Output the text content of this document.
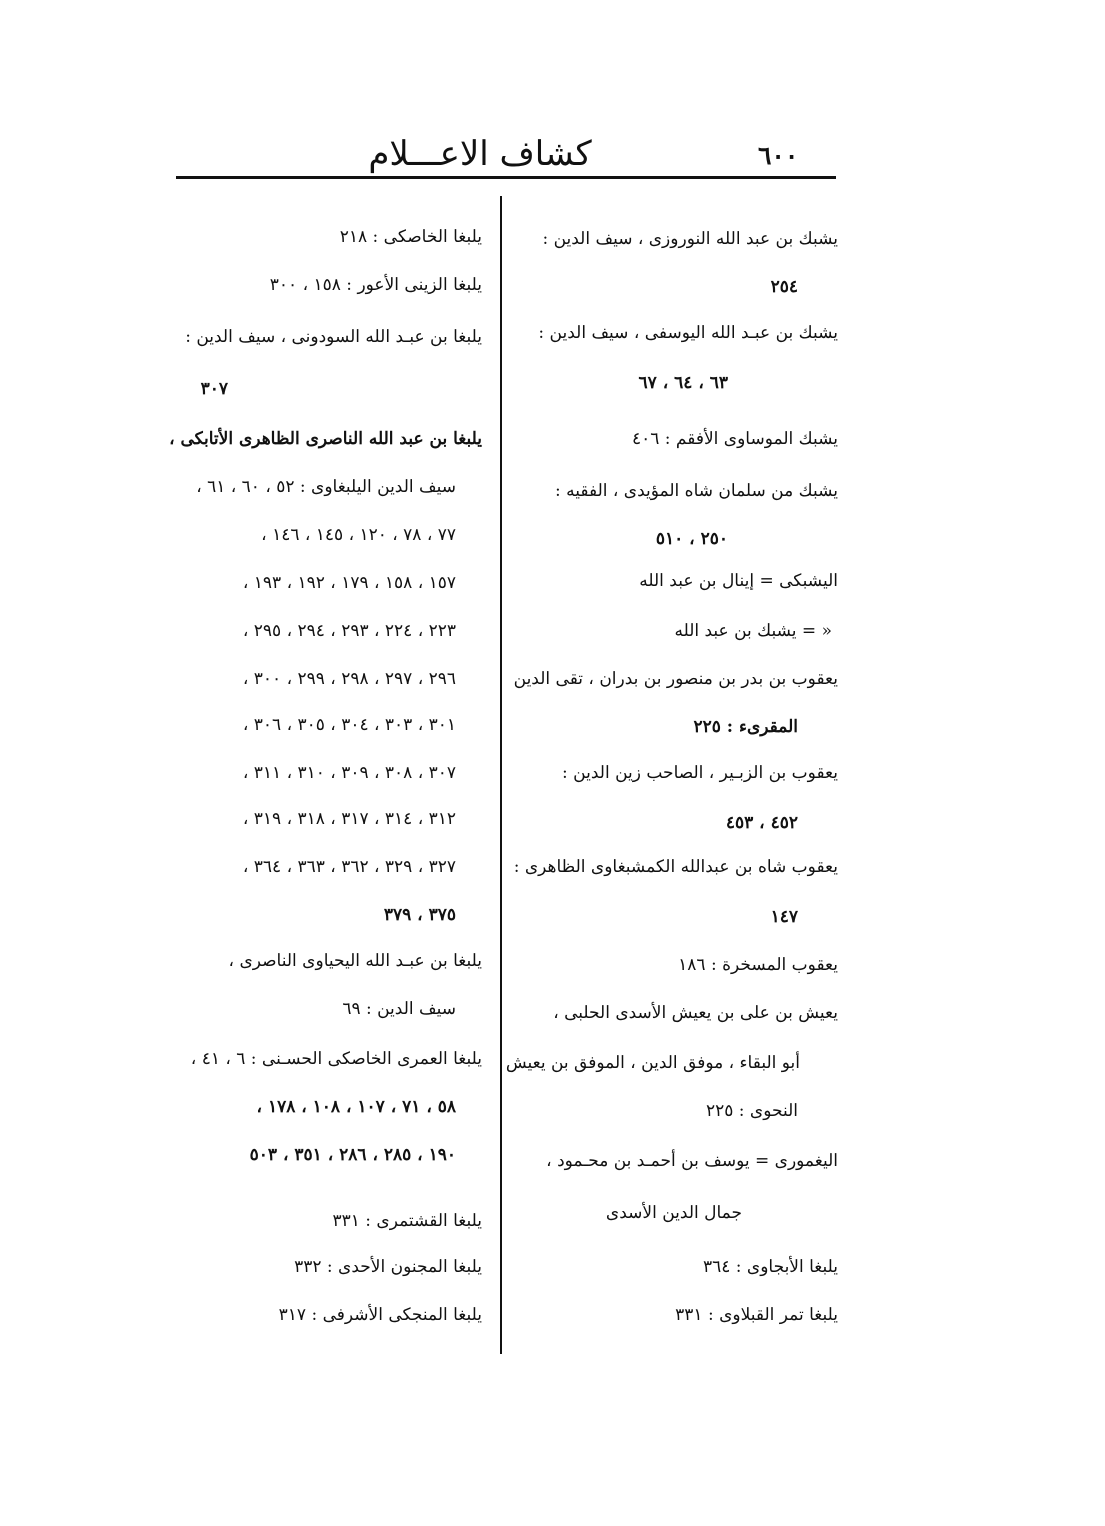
٦٠٠
كشاف الاعـــلام
يشبك بن عبد الله النوروزى ، سيف الدين :
٢٥٤
يشبك بن عبـد الله اليوسفى ، سيف الدين :
٦٣ ، ٦٤ ، ٦٧
يشبك الموساوى الأفقم : ٤٠٦
يشبك من سلمان شاه المؤيدى ، الفقيه :
٢٥٠ ، ٥١٠
اليشبكى = إينال بن عبد الله
« = يشبك بن عبد الله
يعقوب بن بدر بن منصور بن بدران ، تقى الدين
المقرىء : ٢٢٥
يعقوب بن الزبـير ، الصاحب زين الدين :
٤٥٢ ، ٤٥٣
يعقوب شاه بن عبدالله الكمشبغاوى الظاهرى :
١٤٧
يعقوب المسخرة : ١٨٦
يعيش بن على بن يعيش الأسدى الحلبى ،
أبو البقاء ، موفق الدين ، الموفق بن يعيش
النحوى : ٢٢٥
اليغمورى = يوسف بن أحمـد بن محـمود ،
جمال الدين الأسدى
يلبغا الأبجاوى : ٣٦٤
يلبغا تمر القبلاوى : ٣٣١
يلبغا الخاصكى : ٢١٨
يلبغا الزينى الأعور : ١٥٨ ، ٣٠٠
يلبغا بن عبـد الله السودونى ، سيف الدين :
٣٠٧
يلبغا بن عبد الله الناصرى الظاهرى الأتابكى ،
سيف الدين اليلبغاوى : ٥٢ ، ٦٠ ، ٦١ ،
٧٧ ، ٧٨ ، ١٢٠ ، ١٤٥ ، ١٤٦ ،
١٥٧ ، ١٥٨ ، ١٧٩ ، ١٩٢ ، ١٩٣ ،
٢٢٣ ، ٢٢٤ ، ٢٩٣ ، ٢٩٤ ، ٢٩٥ ،
٢٩٦ ، ٢٩٧ ، ٢٩٨ ، ٢٩٩ ، ٣٠٠ ،
٣٠١ ، ٣٠٣ ، ٣٠٤ ، ٣٠٥ ، ٣٠٦ ،
٣٠٧ ، ٣٠٨ ، ٣٠٩ ، ٣١٠ ، ٣١١ ،
٣١٢ ، ٣١٤ ، ٣١٧ ، ٣١٨ ، ٣١٩ ،
٣٢٧ ، ٣٢٩ ، ٣٦٢ ، ٣٦٣ ، ٣٦٤ ،
٣٧٥ ، ٣٧٩
يلبغا بن عبـد الله اليحياوى الناصرى ،
سيف الدين : ٦٩
يلبغا العمرى الخاصكى الحسـنى : ٦ ، ٤١ ،
٥٨ ، ٧١ ، ١٠٧ ، ١٠٨ ، ١٧٨ ،
١٩٠ ، ٢٨٥ ، ٢٨٦ ، ٣٥١ ، ٥٠٣
يلبغا القشتمرى : ٣٣١
يلبغا المجنون الأحدى : ٣٣٢
يلبغا المنجكى الأشرفى : ٣١٧
